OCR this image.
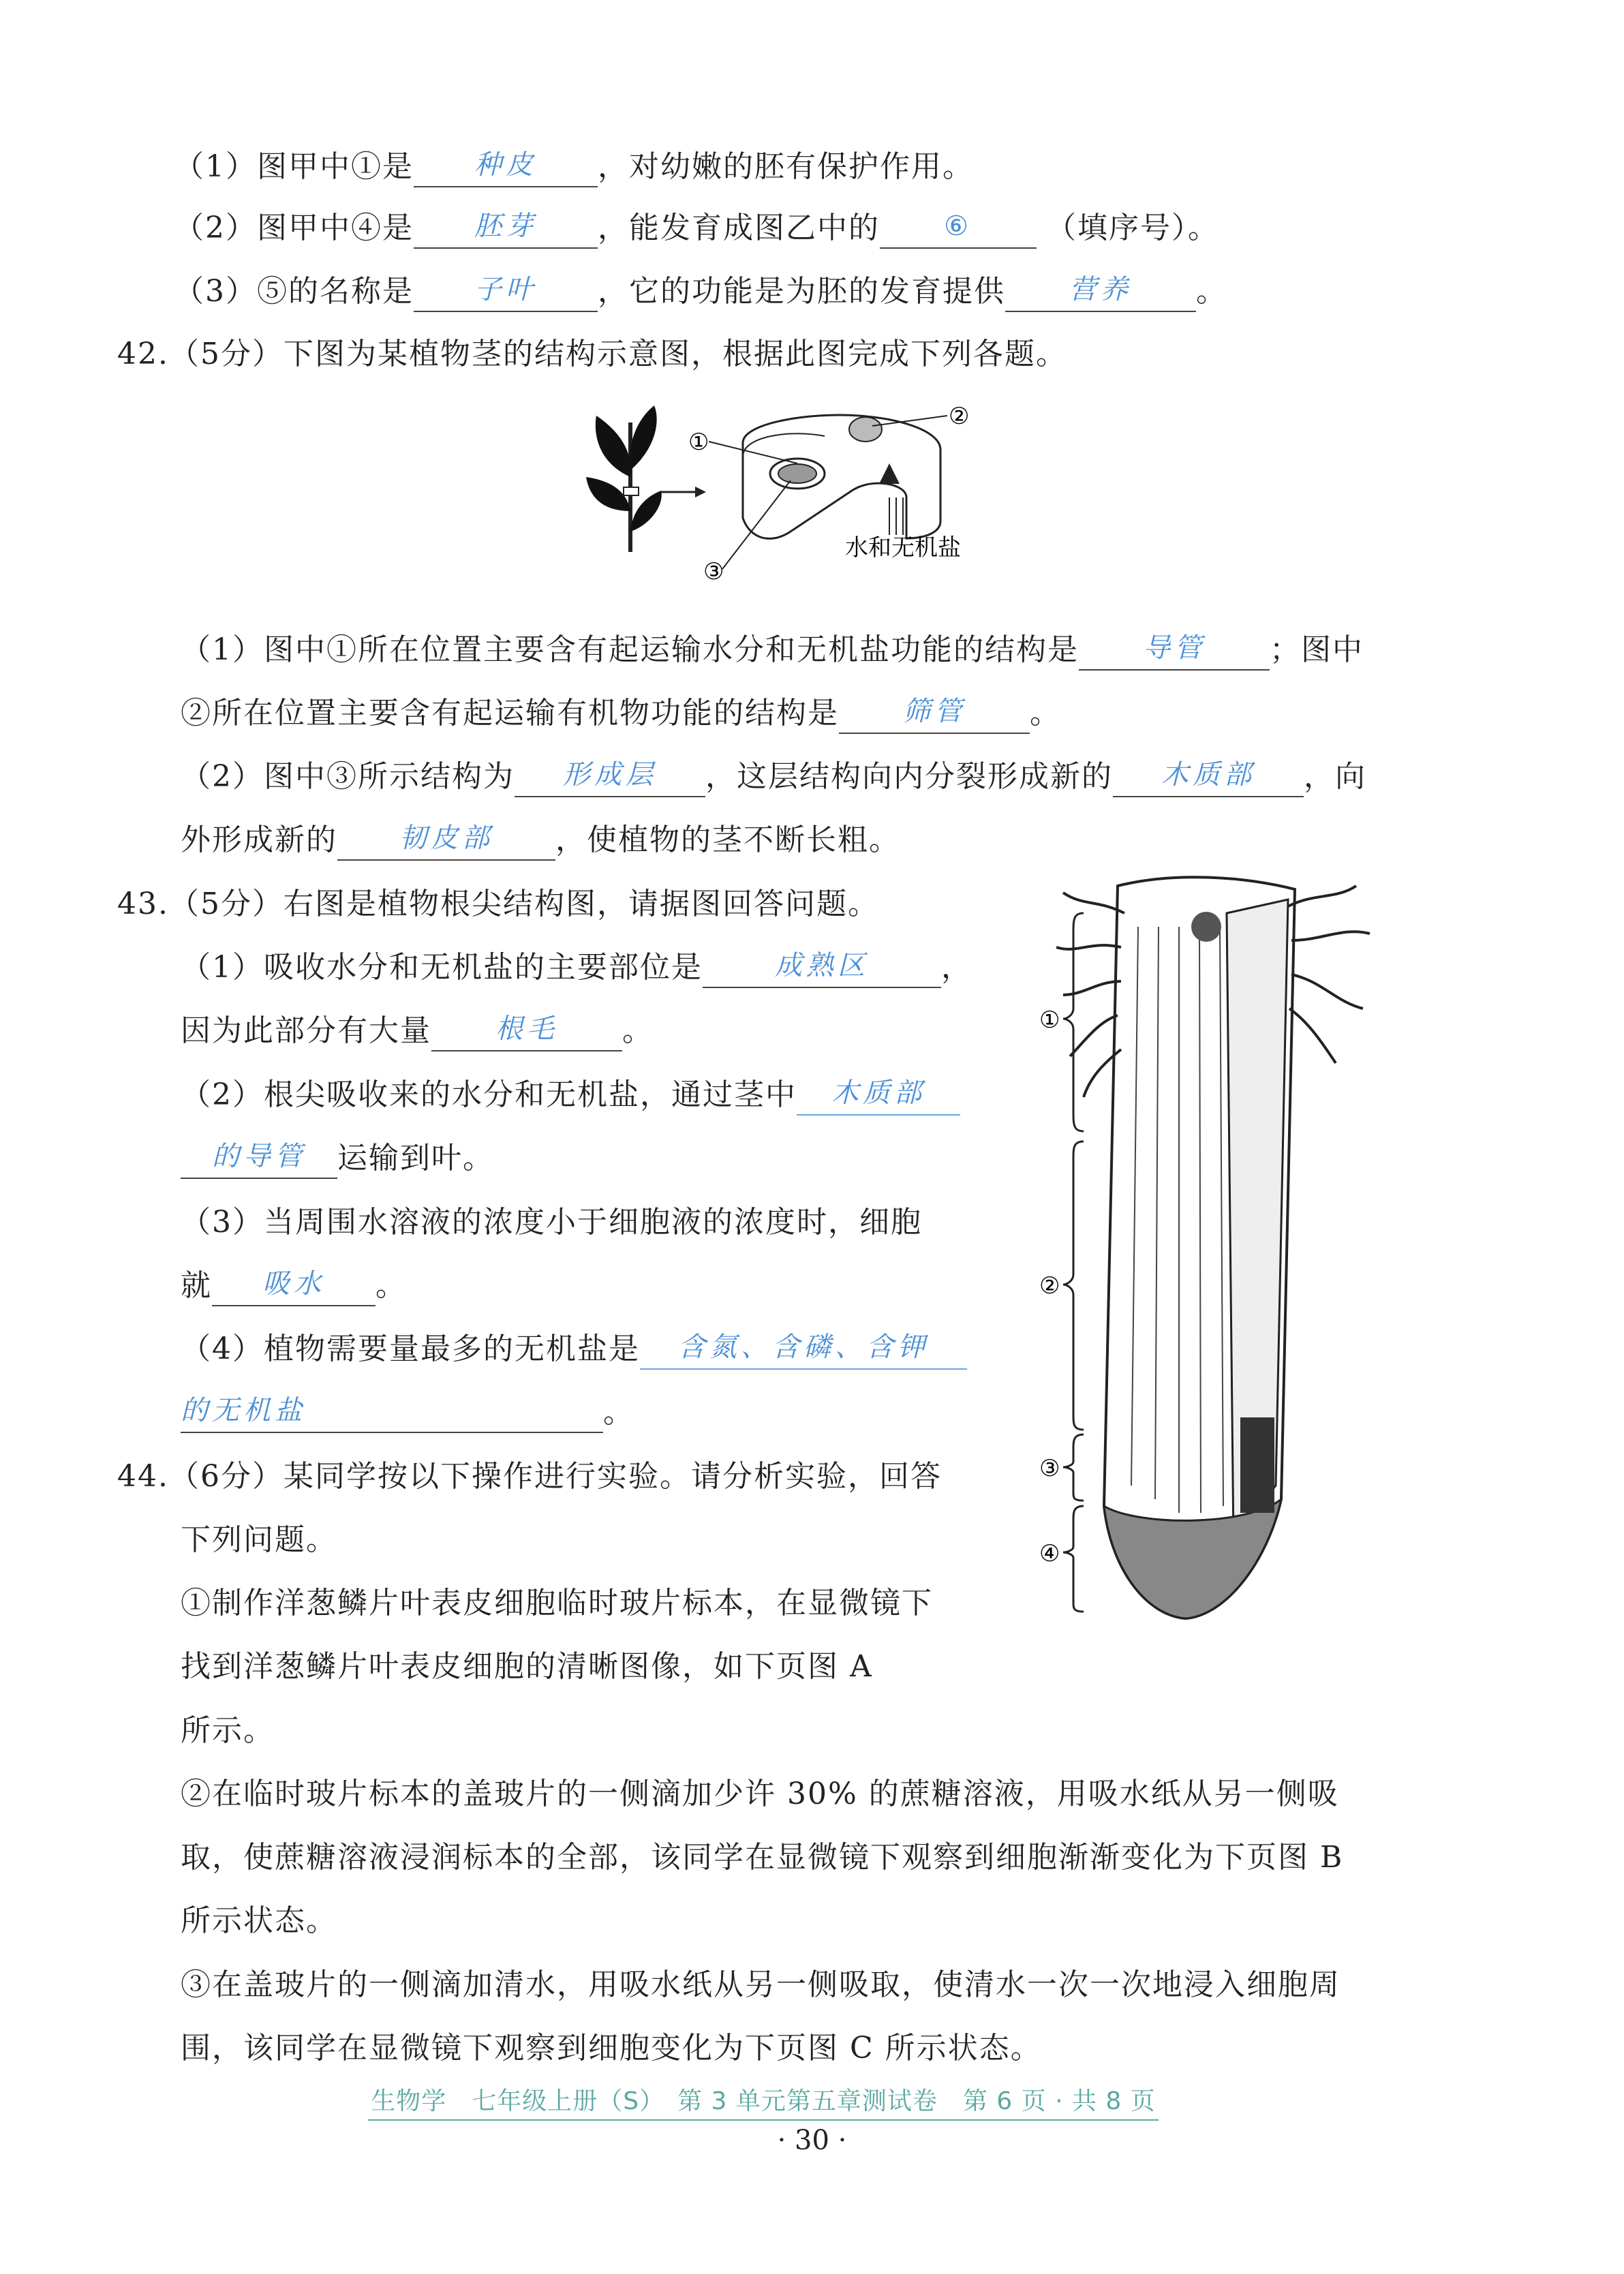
（1）图甲中①是 种皮 ，对幼嫩的胚有保护作用。
（2）图甲中④是 胚芽 ，能发育成图乙中的 ⑥ （填序号）。
（3）⑤的名称是 子叶 ，它的功能是为胚的发育提供 营养 。
42.（5分）下图为某植物茎的结构示意图，根据此图完成下列各题。
①
②
③
水和无机盐
（1）图中①所在位置主要含有起运输水分和无机盐功能的结构是 导管 ；图中
②所在位置主要含有起运输有机物功能的结构是 筛管 。
（2）图中③所示结构为 形成层 ，这层结构向内分裂形成新的 木质部 ，向
外形成新的 韧皮部 ，使植物的茎不断长粗。
43.（5分）右图是植物根尖结构图，请据图回答问题。
（1）吸收水分和无机盐的主要部位是	成熟区 ，
因为此部分有大量 根毛 。
（2）根尖吸收来的水分和无机盐，通过茎中 木质部
的导管 运输到叶。
（3）当周围水溶液的浓度小于细胞液的浓度时，细胞
就 吸水 。
（4）植物需要量最多的无机盐是 含氮、含磷、含钾
的无机盐	。
①
②
③
④
44.（6分）某同学按以下操作进行实验。请分析实验，回答
下列问题。
①制作洋葱鳞片叶表皮细胞临时玻片标本，在显微镜下
找到洋葱鳞片叶表皮细胞的清晰图像，如下页图 A
所示。
②在临时玻片标本的盖玻片的一侧滴加少许 30% 的蔗糖溶液，用吸水纸从另一侧吸
取，使蔗糖溶液浸润标本的全部，该同学在显微镜下观察到细胞渐渐变化为下页图 B
所示状态。
③在盖玻片的一侧滴加清水，用吸水纸从另一侧吸取，使清水一次一次地浸入细胞周
围，该同学在显微镜下观察到细胞变化为下页图 C 所示状态。
生物学　七年级上册（S）　第 3 单元第五章测试卷　第 6 页 · 共 8 页
· 30 ·
